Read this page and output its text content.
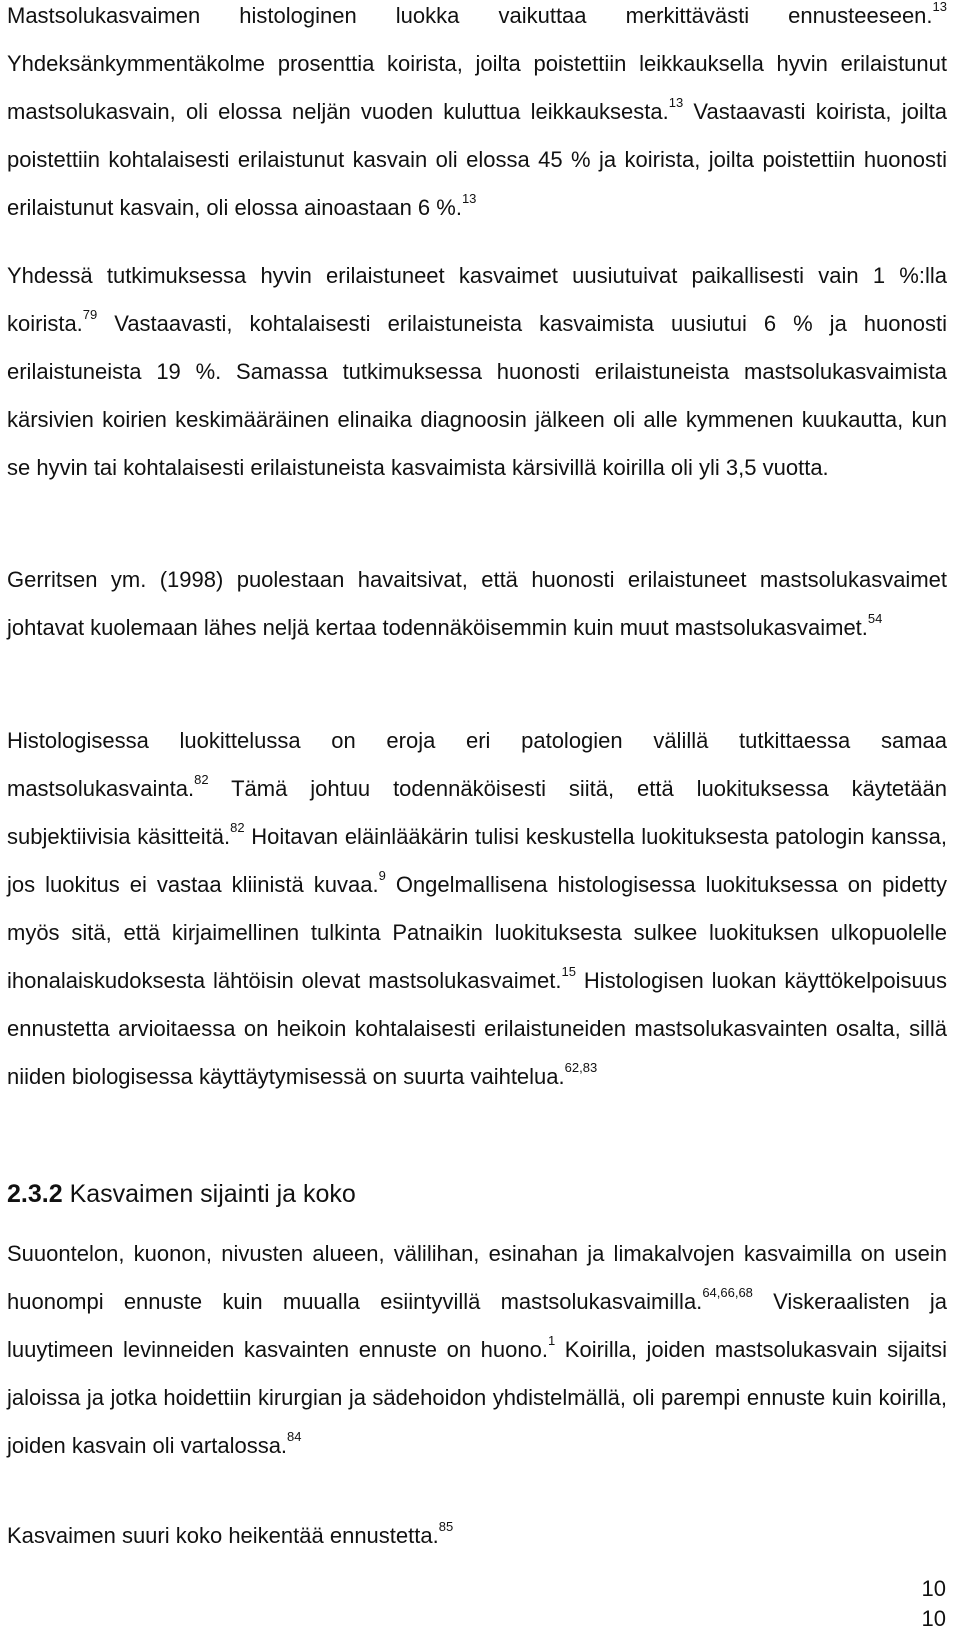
Mastsolukasvaimen histologinen luokka vaikuttaa merkittävästi ennusteeseen.$^{13}$ Yhdeksänkymmentäkolme prosenttia koirista, joilta poistettiin leikkauksella hyvin erilaistunut mastsolukasvain, oli elossa neljän vuoden kuluttua leikkauksesta.$^{13}$ Vastaavasti koirista, joilta poistettiin kohtalaisesti erilaistunut kasvain oli elossa 45 % ja koirista, joilta poistettiin huonosti erilaistunut kasvain, oli elossa ainoastaan 6 %.$^{13}$

Yhdessä tutkimuksessa hyvin erilaistuneet kasvaimet uusiutuivat paikallisesti vain 1 %:lla koirista.$^{79}$ Vastaavasti, kohtalaisesti erilaistuneista kasvaimista uusiutui 6 % ja huonosti erilaistuneista 19 %. Samassa tutkimuksessa huonosti erilaistuneista mastsolukasvaimista kärsivien koirien keskimääräinen elinaika diagnoosin jälkeen oli alle kymmenen kuukautta, kun se hyvin tai kohtalaisesti erilaistuneista kasvaimista kärsivillä koirilla oli yli 3,5 vuotta.

Gerritsen ym. (1998) puolestaan havaitsivat, että huonosti erilaistuneet mastsolukasvaimet johtavat kuolemaan lähes neljä kertaa todennäköisemmin kuin muut mastsolukasvaimet.$^{54}$

Histologisessa luokittelussa on eroja eri patologien välillä tutkittaessa samaa mastsolukasvainta.$^{82}$ Tämä johtuu todennäköisesti siitä, että luokituksessa käytetään subjektiivisia käsitteitä.$^{82}$ Hoitavan eläinlääkärin tulisi keskustella luokituksesta patologin kanssa, jos luokitus ei vastaa kliinistä kuvaa.$^9$ Ongelmallisena histologisessa luokituksessa on pidetty myös sitä, että kirjaimellinen tulkinta Patnaikin luokituksesta sulkee luokituksen ulkopuolelle ihonalaiskudoksesta lähtöisin olevat mastsolukasvaimet.$^{15}$ Histologisen luokan käyttökelpoisuus ennustetta arvioitaessa on heikoin kohtalaisesti erilaistuneiden mastsolukasvainten osalta, sillä niiden biologisessa käyttäytymisessä on suurta vaihtelua.$^{62,83}$

2.3.2 Kasvaimen sijainti ja koko

Suuontelon, kuonon, nivusten alueen, välilihan, esinahan ja limakalvojen kasvaimilla on usein huonompi ennuste kuin muualla esiintyvillä mastsolukasvaimilla.$^{64,66,68}$ Viskeraalisten ja luuytimeen levinneiden kasvainten ennuste on huono.$^1$ Koirilla, joiden mastsolukasvain sijaitsi jaloissa ja jotka hoidettiin kirurgian ja sädehoidon yhdistelmällä, oli parempi ennuste kuin koirilla, joiden kasvain oli vartalossa.$^{84}$

Kasvaimen suuri koko heikentää ennustetta.$^{85}$

10
10
